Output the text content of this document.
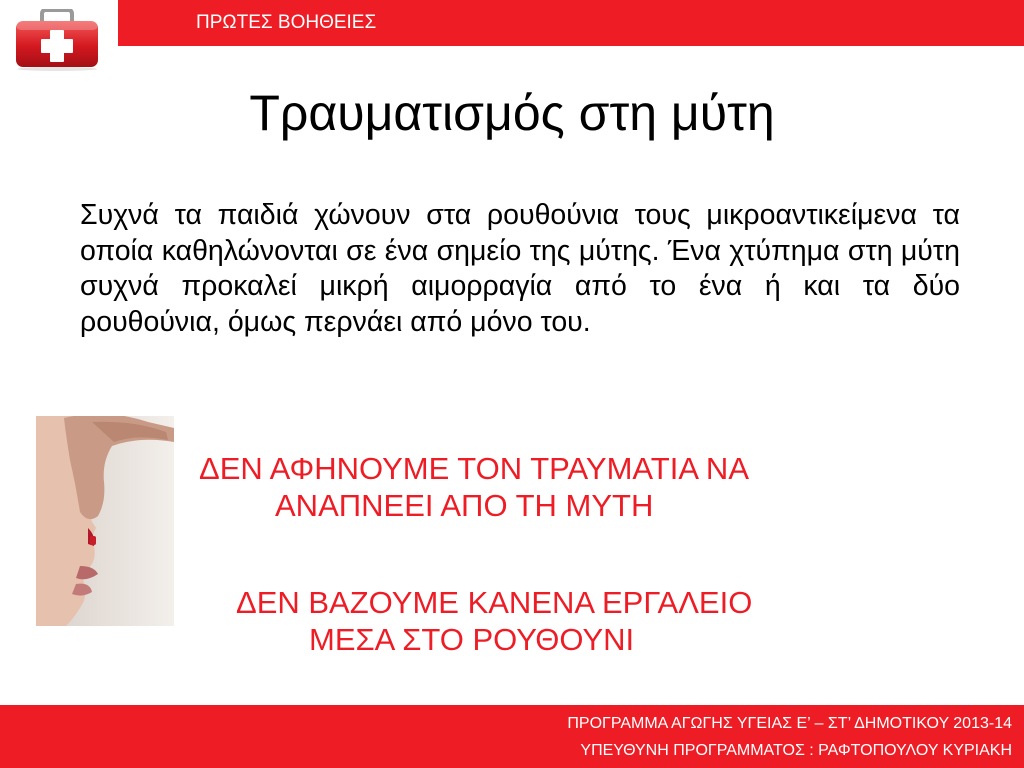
ΠΡΩΤΕΣ ΒΟΗΘΕΙΕΣ
Τραυματισμός στη μύτη
Συχνά τα παιδιά χώνουν στα ρουθούνια τους μικροαντικείμενα τα οποία καθηλώνονται σε ένα σημείο της μύτης. Ένα χτύπημα στη μύτη συχνά προκαλεί μικρή αιμορραγία από το ένα ή και τα δύο ρουθούνια, όμως περνάει από μόνο του.
ΔΕΝ ΑΦΗΝΟΥΜΕ ΤΟΝ ΤΡΑΥΜΑΤΙΑ ΝΑ
ΑΝΑΠΝΕΕΙ ΑΠΟ ΤΗ ΜΥΤΗ
ΔΕΝ ΒΑΖΟΥΜΕ ΚΑΝΕΝΑ ΕΡΓΑΛΕΙΟ
ΜΕΣΑ ΣΤΟ ΡΟΥΘΟΥΝΙ
ΠΡΟΓΡΑΜΜΑ ΑΓΩΓΗΣ ΥΓΕΙΑΣ Ε’ – ΣΤ’ ΔΗΜΟΤΙΚΟΥ 2013-14
ΥΠΕΥΘΥΝΗ ΠΡΟΓΡΑΜΜΑΤΟΣ : ΡΑΦΤΟΠΟΥΛΟΥ ΚΥΡΙΑΚΗ
